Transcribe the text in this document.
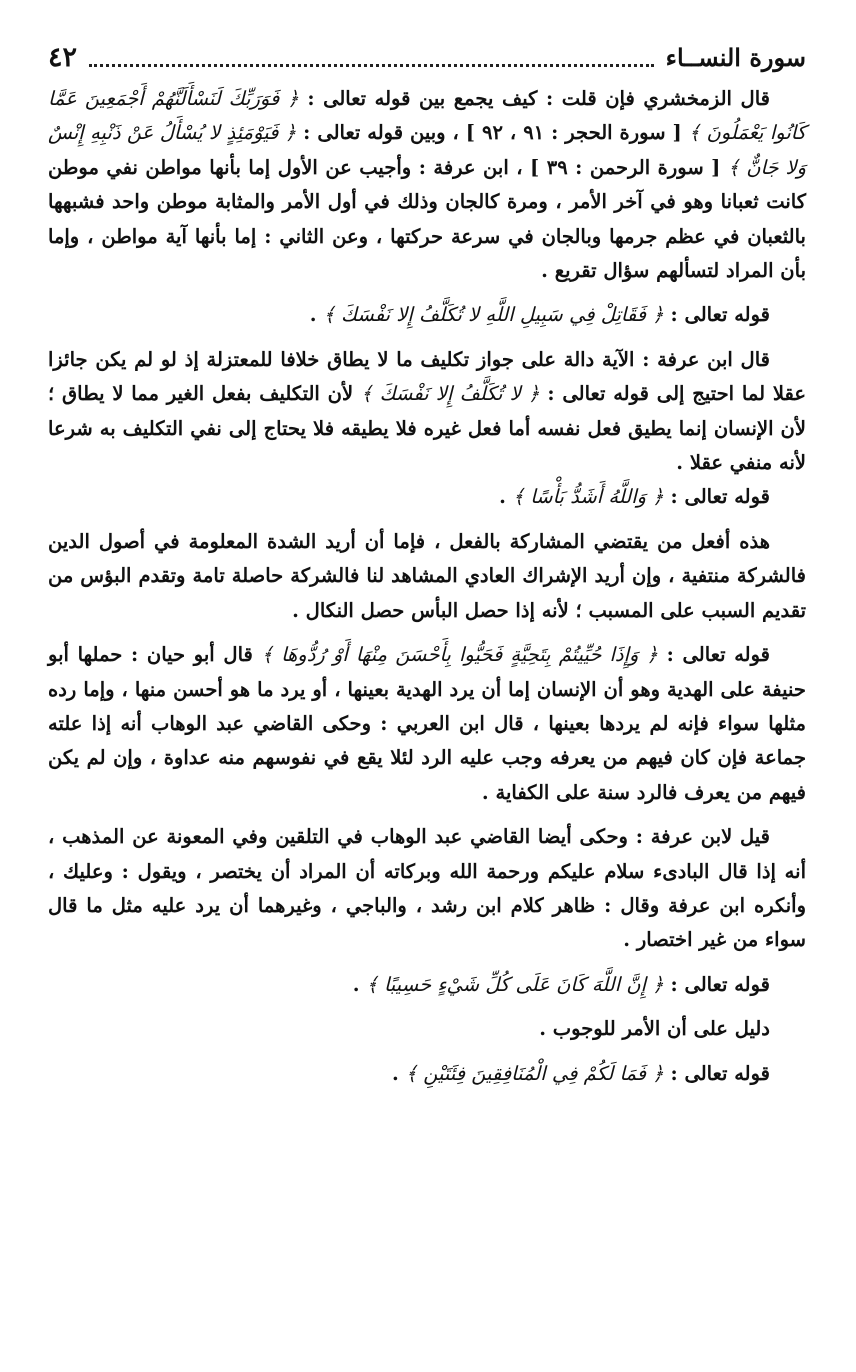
سورة النســاء
٤٢

قال الزمخشري فإن قلت : كيف يجمع بين قوله تعالى : ﴿ فَوَرَبِّكَ لَنَسْأَلَنَّهُمْ أَجْمَعِينَ عَمَّا كَانُوا يَعْمَلُونَ ﴾ [ سورة الحجر : ٩١ ، ٩٢ ] ، وبين قوله تعالى : ﴿ فَيَوْمَئِذٍ لا يُسْأَلُ عَنْ ذَنْبِهِ إِنْسٌ وَلا جَانٌّ ﴾ [ سورة الرحمن : ٣٩ ] ، ابن عرفة : وأجيب عن الأول إما بأنها مواطن نفي موطن كانت ثعبانا وهو في آخر الأمر ، ومرة كالجان وذلك في أول الأمر والمثابة موطن واحد فشبهها بالثعبان في عظم جرمها وبالجان في سرعة حركتها ، وعن الثاني : إما بأنها آية مواطن ، وإما بأن المراد لتسألهم سؤال تقريع .

قوله تعالى : ﴿ فَقَاتِلْ فِي سَبِيلِ اللَّهِ لا تُكَلَّفُ إِلا نَفْسَكَ ﴾ .

قال ابن عرفة : الآية دالة على جواز تكليف ما لا يطاق خلافا للمعتزلة إذ لو لم يكن جائزا عقلا لما احتيج إلى قوله تعالى : ﴿ لا تُكَلَّفُ إِلا نَفْسَكَ ﴾ لأن التكليف بفعل الغير مما لا يطاق ؛ لأن الإنسان إنما يطيق فعل نفسه أما فعل غيره فلا يطيقه فلا يحتاج إلى نفي التكليف به شرعا لأنه منفي عقلا .

قوله تعالى : ﴿ وَاللَّهُ أَشَدُّ بَأْسًا ﴾ .

هذه أفعل من يقتضي المشاركة بالفعل ، فإما أن أريد الشدة المعلومة في أصول الدين فالشركة منتفية ، وإن أريد الإشراك العادي المشاهد لنا فالشركة حاصلة تامة وتقدم البؤس من تقديم السبب على المسبب ؛ لأنه إذا حصل البأس حصل النكال .

قوله تعالى : ﴿ وَإِذَا حُيِّيتُمْ بِتَحِيَّةٍ فَحَيُّوا بِأَحْسَنَ مِنْهَا أَوْ رُدُّوهَا ﴾ قال أبو حيان : حملها أبو حنيفة على الهدية وهو أن الإنسان إما أن يرد الهدية بعينها ، أو يرد ما هو أحسن منها ، وإما رده مثلها سواء فإنه لم يردها بعينها ، قال ابن العربي : وحكى القاضي عبد الوهاب أنه إذا علته جماعة فإن كان فيهم من يعرفه وجب عليه الرد لئلا يقع في نفوسهم منه عداوة ، وإن لم يكن فيهم من يعرف فالرد سنة على الكفاية .

قيل لابن عرفة : وحكى أيضا القاضي عبد الوهاب في التلقين وفي المعونة عن المذهب ، أنه إذا قال البادىء سلام عليكم ورحمة الله وبركاته أن المراد أن يختصر ، ويقول : وعليك ، وأنكره ابن عرفة وقال : ظاهر كلام ابن رشد ، والباجي ، وغيرهما أن يرد عليه مثل ما قال سواء من غير اختصار .

قوله تعالى : ﴿ إِنَّ اللَّهَ كَانَ عَلَى كُلِّ شَيْءٍ حَسِيبًا ﴾ .

دليل على أن الأمر للوجوب .

قوله تعالى : ﴿ فَمَا لَكُمْ فِي الْمُنَافِقِينَ فِئَتَيْنِ ﴾ .
